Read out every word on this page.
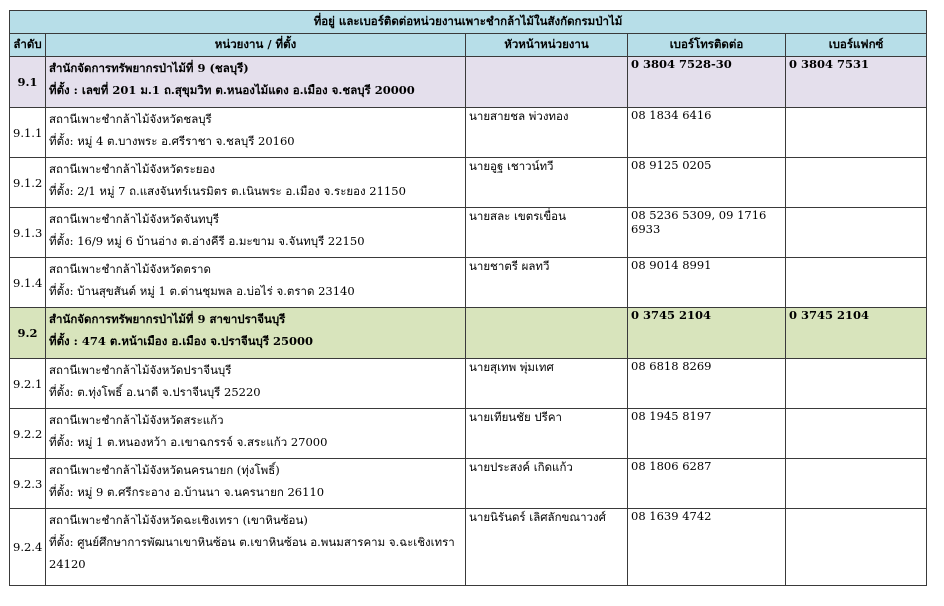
ที่อยู่ และเบอร์ติดต่อหน่วยงานเพาะชำกล้าไม้ในสังกัดกรมป่าไม้				
ลำดับ	หน่วยงาน / ที่ตั้ง	หัวหน้าหน่วยงาน	เบอร์โทรติดต่อ	เบอร์แฟกซ์
9.1	สำนักจัดการทรัพยากรป่าไม้ที่ 9 (ชลบุรี)
ที่ตั้ง : เลขที่ 201 ม.1 ถ.สุขุมวิท ต.หนองไม้แดง อ.เมือง จ.ชลบุรี 20000		0 3804 7528-30	0 3804 7531
9.1.1	สถานีเพาะชำกล้าไม้จังหวัดชลบุรี
ที่ตั้ง: หมู่ 4 ต.บางพระ อ.ศรีราชา จ.ชลบุรี 20160	นายสายชล พ่วงทอง	08 1834 6416	
9.1.2	สถานีเพาะชำกล้าไม้จังหวัดระยอง
ที่ตั้ง: 2/1 หมู่ 7 ถ.แสงจันทร์เนรมิตร ต.เนินพระ อ.เมือง จ.ระยอง 21150	นายอูฐ เชาวน์ทวี	08 9125 0205	
9.1.3	สถานีเพาะชำกล้าไม้จังหวัดจันทบุรี
ที่ตั้ง: 16/9 หมู่ 6 บ้านอ่าง ต.อ่างคีรี อ.มะขาม จ.จันทบุรี 22150	นายสละ เขตรเขื่อน	08 5236 5309, 09 1716 6933	
9.1.4	สถานีเพาะชำกล้าไม้จังหวัดตราด
ที่ตั้ง: บ้านสุขสันต์ หมู่ 1 ต.ด่านชุมพล อ.บ่อไร่ จ.ตราด 23140	นายชาตรี ผลทวี	08 9014 8991	
9.2	สำนักจัดการทรัพยากรป่าไม้ที่ 9 สาขาปราจีนบุรี
ที่ตั้ง : 474 ต.หน้าเมือง อ.เมือง จ.ปราจีนบุรี 25000		0 3745 2104	0 3745 2104
9.2.1	สถานีเพาะชำกล้าไม้จังหวัดปราจีนบุรี
ที่ตั้ง: ต.ทุ่งโพธิ์ อ.นาดี จ.ปราจีนบุรี 25220	นายสุเทพ พุ่มเทศ	08 6818 8269	
9.2.2	สถานีเพาะชำกล้าไม้จังหวัดสระแก้ว
ที่ตั้ง: หมู่ 1 ต.หนองหว้า อ.เขาฉกรรจ์ จ.สระแก้ว 27000	นายเทียนชัย ปรีคา	08 1945 8197	
9.2.3	สถานีเพาะชำกล้าไม้จังหวัดนครนายก (ทุ่งโพธิ์)
ที่ตั้ง: หมู่ 9 ต.ศรีกระอาง อ.บ้านนา จ.นครนายก 26110	นายประสงค์ เกิดแก้ว	08 1806 6287	
9.2.4	สถานีเพาะชำกล้าไม้จังหวัดฉะเชิงเทรา (เขาหินซ้อน)
ที่ตั้ง: ศูนย์ศึกษาการพัฒนาเขาหินซ้อน ต.เขาหินซ้อน อ.พนมสารคาม จ.ฉะเชิงเทรา 24120	นายนิรันดร์ เลิศลักขณาวงศ์	08 1639 4742	
